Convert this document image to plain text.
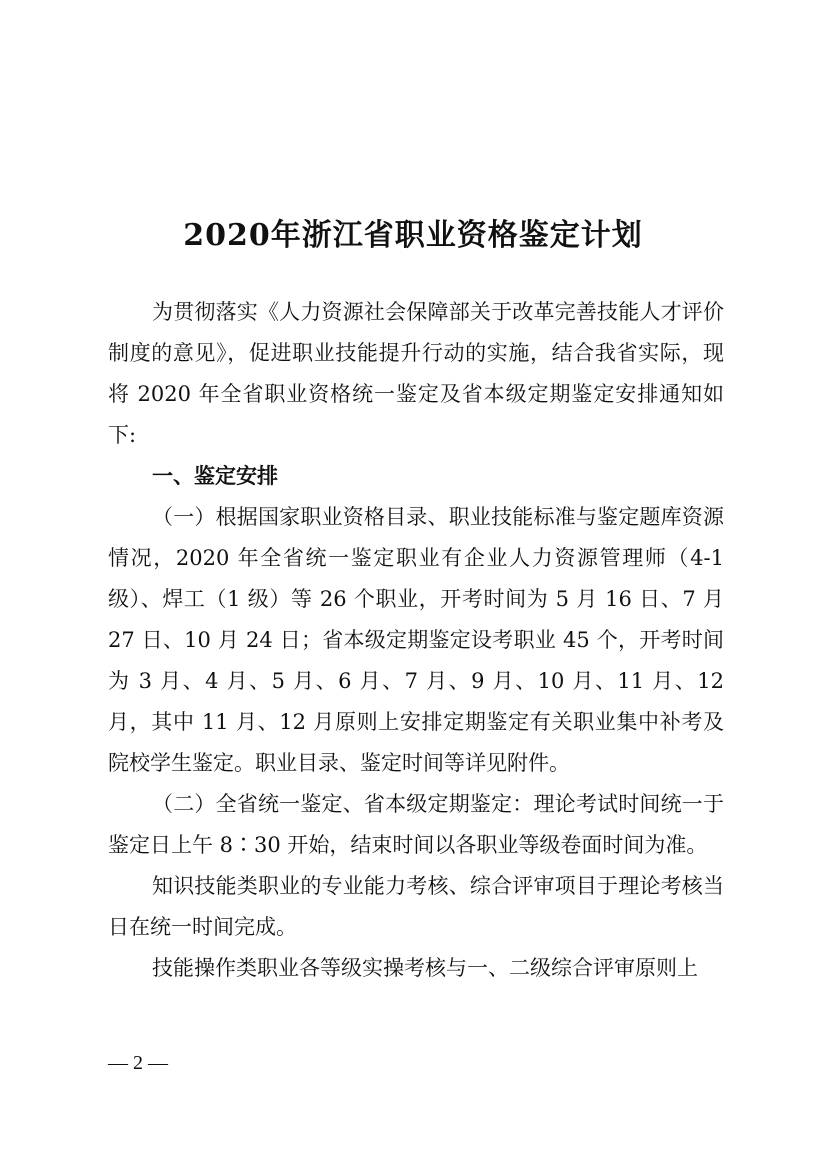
2020年浙江省职业资格鉴定计划

为贯彻落实《人力资源社会保障部关于改革完善技能人才评价制度的意见》，促进职业技能提升行动的实施，结合我省实际，现将 2020 年全省职业资格统一鉴定及省本级定期鉴定安排通知如下:

一、鉴定安排

（一）根据国家职业资格目录、职业技能标准与鉴定题库资源情况，2020 年全省统一鉴定职业有企业人力资源管理师（4-1 级）、焊工（1 级）等 26 个职业，开考时间为 5 月 16 日、7 月 27 日、10 月 24 日；省本级定期鉴定设考职业 45 个，开考时间为 3 月、4 月、5 月、6 月、7 月、9 月、10 月、11 月、12 月，其中 11 月、12 月原则上安排定期鉴定有关职业集中补考及院校学生鉴定。职业目录、鉴定时间等详见附件。

（二）全省统一鉴定、省本级定期鉴定：理论考试时间统一于鉴定日上午 8∶30 开始，结束时间以各职业等级卷面时间为准。

知识技能类职业的专业能力考核、综合评审项目于理论考核当日在统一时间完成。

技能操作类职业各等级实操考核与一、二级综合评审原则上

— 2 —
